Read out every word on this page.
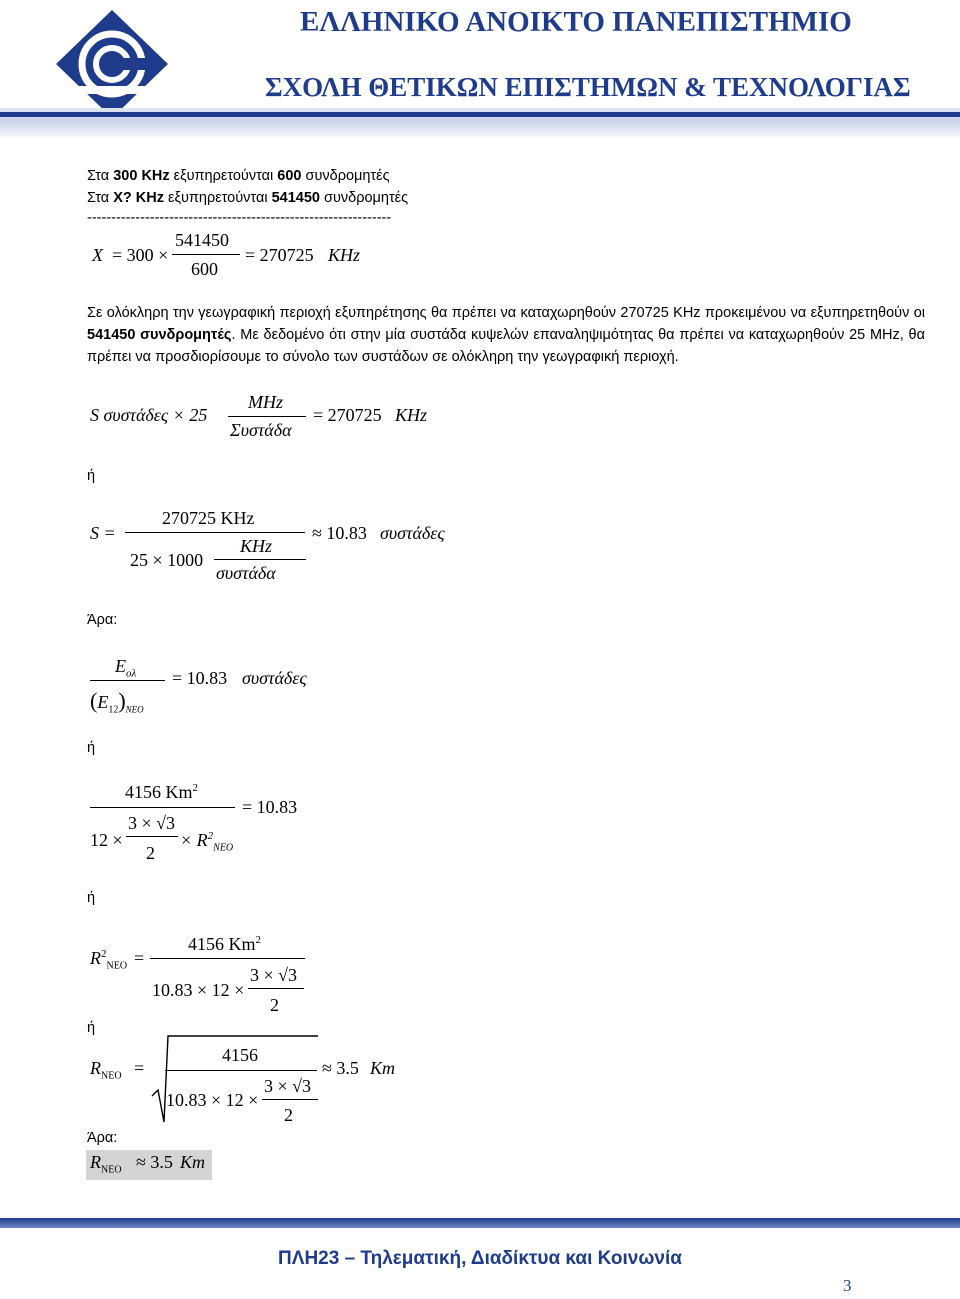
ΕΛΛΗΝΙΚΟ ΑΝΟΙΚΤΟ ΠΑΝΕΠΙΣΤΗΜΙΟ
ΣΧΟΛΗ ΘΕΤΙΚΩΝ ΕΠΙΣΤΗΜΩΝ & ΤΕΧΝΟΛΟΓΙΑΣ
Στα 300 KHz εξυπηρετούνται 600 συνδρομητές
Στα Χ? KHz εξυπηρετούνται 541450 συνδρομητές
---------------------------------------------------------------
X = 300 ×
541450
600
= 270725 KHz
Σε ολόκληρη την γεωγραφική περιοχή εξυπηρέτησης θα πρέπει να καταχωρηθούν 270725 KHz προκειμένου να εξυπηρετηθούν οι 541450 συνδρομητές. Με δεδομένο ότι στην μία συστάδα κυψελών επαναληψιμότητας θα πρέπει να καταχωρηθούν 25 MHz, θα πρέπει να προσδιορίσουμε το σύνολο των συστάδων σε ολόκληρη την γεωγραφική περιοχή.
S συστάδες × 25
MHz
Συστάδα
= 270725 KHz
ή
S =
270725 KHz
25 × 1000
KHz
συστάδα
≈ 10.83 συστάδες
Άρα:
$E_{o\lambda}$
$(E_{12})_{NEO}$
= 10.83 συστάδες
ή
4156 Km$^2$
12 ×
3 × √3
2
× $R^2_{NEO}$
= 10.83
ή
$R^2_{NEO}$ =
4156 Km$^2$
10.83 × 12 ×
3 × √3
2
ή
$R_{NEO}$ =
4156
10.83 × 12 ×
3 × √3
2
≈ 3.5 Km
Άρα:
$R_{NEO} \approx 3.5$ Km
ΠΛΗ23 – Τηλεματική, Διαδίκτυα και Κοινωνία
3
